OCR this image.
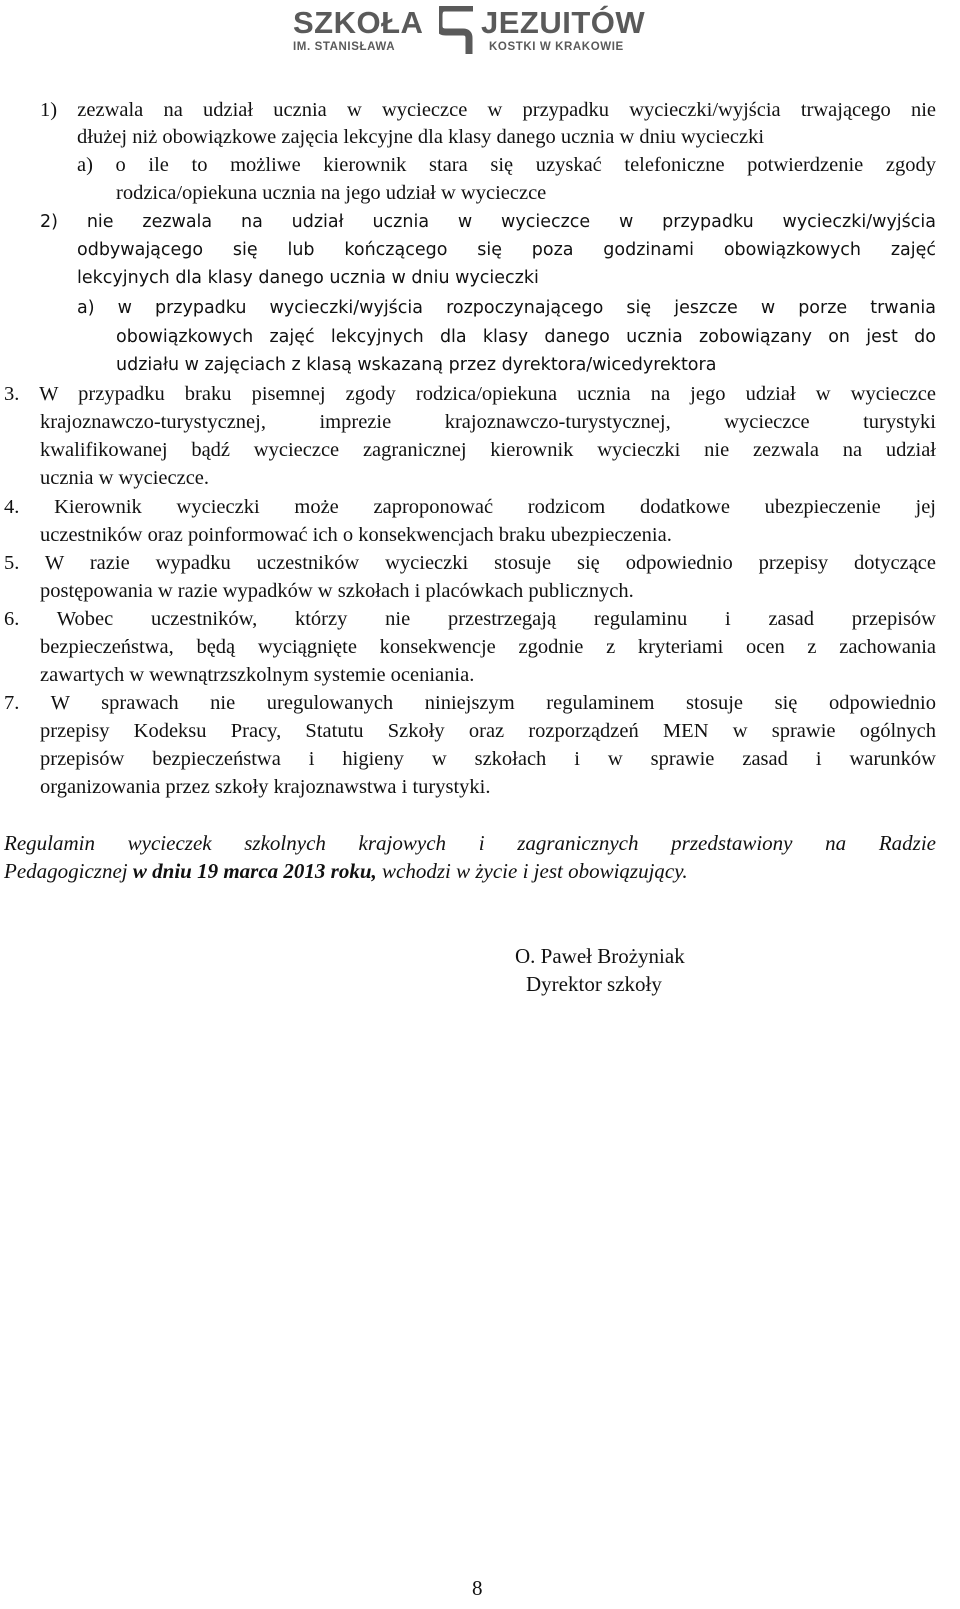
SZKOŁA JEZUITÓW
IM. STANISŁAWA	KOSTKI W KRAKOWIE

1) zezwala na udział ucznia w wycieczce w przypadku wycieczki/wyjścia trwającego nie

dłużej niż obowiązkowe zajęcia lekcyjne dla klasy danego ucznia w dniu wycieczki

a) o ile to możliwe kierownik stara się uzyskać telefoniczne potwierdzenie zgody

rodzica/opiekuna ucznia na jego udział w wycieczce

2) nie zezwala na udział ucznia w wycieczce w przypadku wycieczki/wyjścia

odbywającego się lub kończącego się poza godzinami obowiązkowych zajęć

lekcyjnych dla klasy danego ucznia w dniu wycieczki

a) w przypadku wycieczki/wyjścia rozpoczynającego się jeszcze w porze trwania

obowiązkowych zajęć lekcyjnych dla klasy danego ucznia zobowiązany on jest do

udziału w zajęciach z klasą wskazaną przez dyrektora/wicedyrektora

3. W przypadku braku pisemnej zgody rodzica/opiekuna ucznia na jego udział w wycieczce

krajoznawczo-turystycznej, imprezie krajoznawczo-turystycznej, wycieczce turystyki

kwalifikowanej bądź wycieczce zagranicznej kierownik wycieczki nie zezwala na udział

ucznia w wycieczce.

4. Kierownik wycieczki może zaproponować rodzicom dodatkowe ubezpieczenie jej

uczestników oraz poinformować ich o konsekwencjach braku ubezpieczenia.

5. W razie wypadku uczestników wycieczki stosuje się odpowiednio przepisy dotyczące

postępowania w razie wypadków w szkołach i placówkach publicznych.

6. Wobec uczestników, którzy nie przestrzegają regulaminu i zasad przepisów

bezpieczeństwa, będą wyciągnięte konsekwencje zgodnie z kryteriami ocen z zachowania

zawartych w wewnątrzszkolnym systemie oceniania.

7. W sprawach nie uregulowanych niniejszym regulaminem stosuje się odpowiednio

przepisy Kodeksu Pracy, Statutu Szkoły oraz rozporządzeń MEN w sprawie ogólnych

przepisów bezpieczeństwa i higieny w szkołach i w sprawie zasad i warunków

organizowania przez szkoły krajoznawstwa i turystyki.

Regulamin wycieczek szkolnych krajowych i zagranicznych przedstawiony na Radzie

Pedagogicznej w dniu 19 marca 2013 roku, wchodzi w życie i jest obowiązujący.

O. Paweł Brożyniak

Dyrektor szkoły

8
